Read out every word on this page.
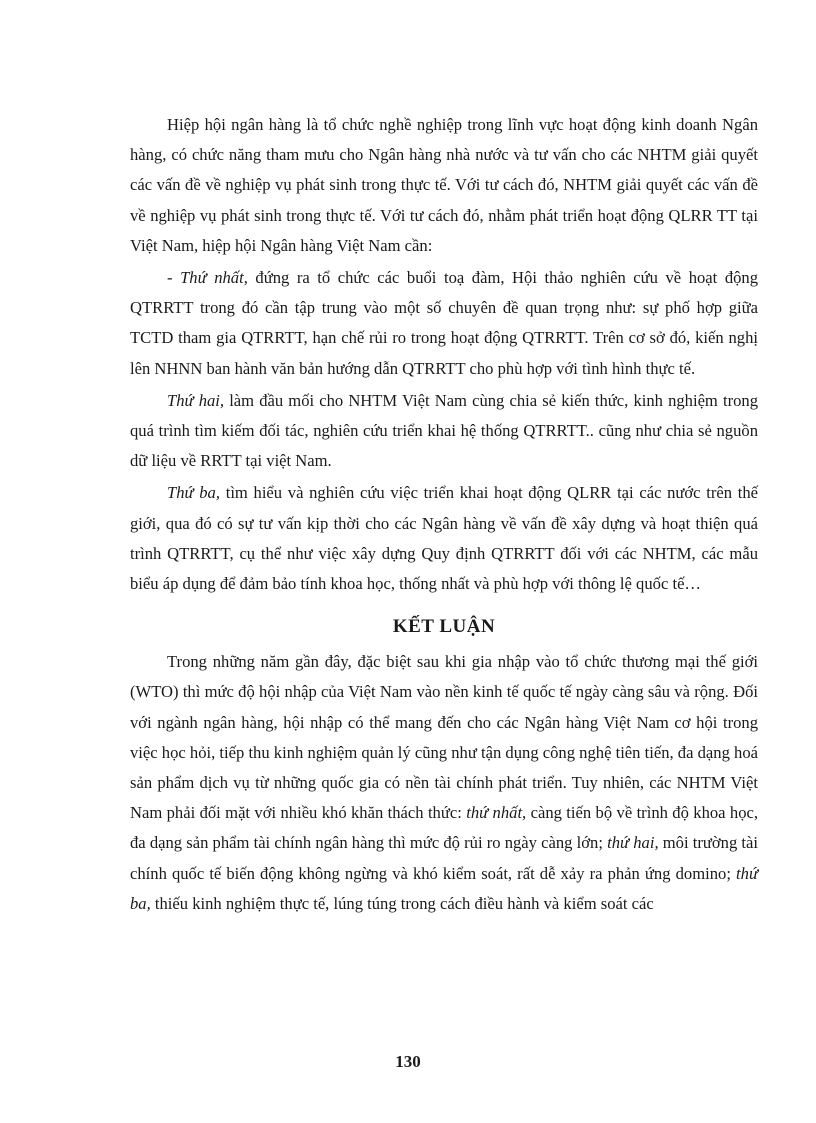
Hiệp hội ngân hàng là tổ chức nghề nghiệp trong lĩnh vực hoạt động kinh doanh Ngân hàng, có chức năng tham mưu cho Ngân hàng nhà nước và tư vấn cho các NHTM giải quyết các vấn đề về nghiệp vụ phát sinh trong thực tế. Với tư cách đó, NHTM giải quyết các vấn đề về nghiệp vụ phát sinh trong thực tế. Với tư cách đó, nhằm phát triển hoạt động QLRR TT tại Việt Nam, hiệp hội Ngân hàng Việt Nam cần:

- Thứ nhất, đứng ra tổ chức các buổi toạ đàm, Hội thảo nghiên cứu về hoạt động QTRRTT trong đó cần tập trung vào một số chuyên đề quan trọng như: sự phố hợp giữa TCTD tham gia QTRRTT, hạn chế rủi ro trong hoạt động QTRRTT. Trên cơ sở đó, kiến nghị lên NHNN ban hành văn bản hướng dẫn QTRRTT cho phù hợp với tình hình thực tế.

Thứ hai, làm đầu mối cho NHTM Việt Nam cùng chia sẻ kiến thức, kinh nghiệm trong quá trình tìm kiếm đối tác, nghiên cứu triển khai hệ thống QTRRTT.. cũng như chia sẻ nguồn dữ liệu về RRTT tại việt Nam.

Thứ ba, tìm hiểu và nghiên cứu việc triển khai hoạt động QLRR tại các nước trên thế giới, qua đó có sự tư vấn kịp thời cho các Ngân hàng về vấn đề xây dựng và hoạt thiện quá trình QTRRTT, cụ thể như việc xây dựng Quy định QTRRTT đối với các NHTM, các mẫu biểu áp dụng để đảm bảo tính khoa học, thống nhất và phù hợp với thông lệ quốc tế…

KẾT LUẬN

Trong những năm gần đây, đặc biệt sau khi gia nhập vào tổ chức thương mại thế giới (WTO) thì mức độ hội nhập của Việt Nam vào nền kinh tế quốc tế ngày càng sâu và rộng. Đối với ngành ngân hàng, hội nhập có thể mang đến cho các Ngân hàng Việt Nam cơ hội trong việc học hỏi, tiếp thu kinh nghiệm quản lý cũng như tận dụng công nghệ tiên tiến, đa dạng hoá sản phẩm dịch vụ từ những quốc gia có nền tài chính phát triển. Tuy nhiên, các NHTM Việt Nam phải đối mặt với nhiều khó khăn thách thức: thứ nhất, càng tiến bộ về trình độ khoa học, đa dạng sản phẩm tài chính ngân hàng thì mức độ rủi ro ngày càng lớn; thứ hai, môi trường tài chính quốc tế biến động không ngừng và khó kiểm soát, rất dễ xảy ra phản ứng domino; thứ ba, thiếu kinh nghiệm thực tế, lúng túng trong cách điều hành và kiểm soát các

130
